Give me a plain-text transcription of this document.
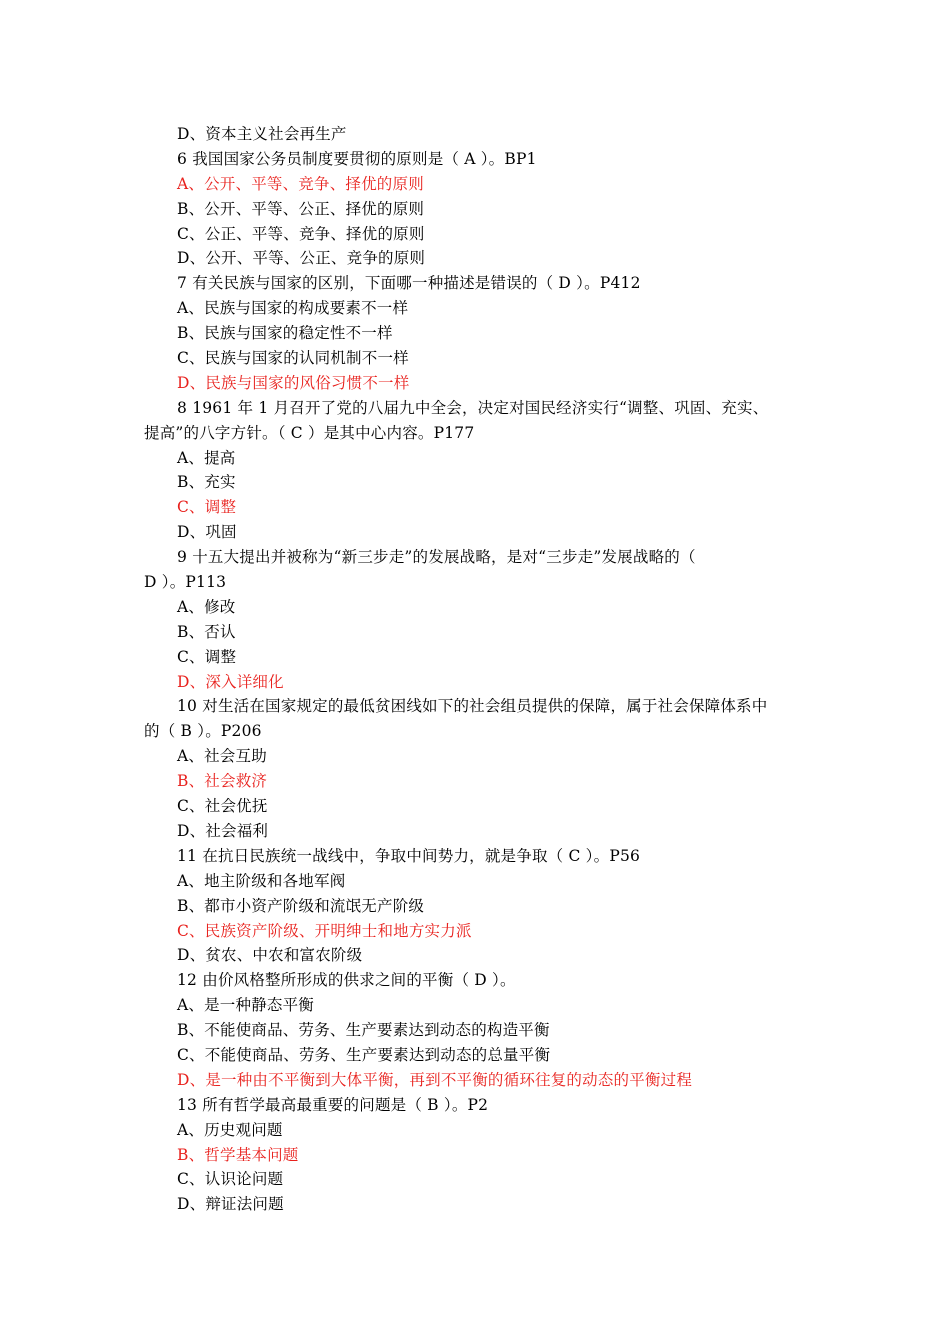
D、资本主义社会再生产
6 我国国家公务员制度要贯彻的原则是（ A ）。BP1
A、公开、平等、竞争、择优的原则
B、公开、平等、公正、择优的原则
C、公正、平等、竞争、择优的原则
D、公开、平等、公正、竞争的原则
7 有关民族与国家的区别，下面哪一种描述是错误的（ D ）。P412
A、民族与国家的构成要素不一样
B、民族与国家的稳定性不一样
C、民族与国家的认同机制不一样
D、民族与国家的风俗习惯不一样
8 1961 年 1 月召开了党的八届九中全会，决定对国民经济实行“调整、巩固、充实、
提高”的八字方针。（ C ）是其中心内容。P177
A、提高
B、充实
C、调整
D、巩固
9 十五大提出并被称为“新三步走”的发展战略，是对“三步走”发展战略的（
D ）。P113
A、修改
B、否认
C、调整
D、深入详细化
10 对生活在国家规定的最低贫困线如下的社会组员提供的保障，属于社会保障体系中
的（ B ）。P206
A、社会互助
B、社会救济
C、社会优抚
D、社会福利
11 在抗日民族统一战线中，争取中间势力，就是争取（ C ）。P56
A、地主阶级和各地军阀
B、都市小资产阶级和流氓无产阶级
C、民族资产阶级、开明绅士和地方实力派
D、贫农、中农和富农阶级
12 由价风格整所形成的供求之间的平衡（ D ）。
A、是一种静态平衡
B、不能使商品、劳务、生产要素达到动态的构造平衡
C、不能使商品、劳务、生产要素达到动态的总量平衡
D、是一种由不平衡到大体平衡，再到不平衡的循环往复的动态的平衡过程
13 所有哲学最高最重要的问题是（ B ）。P2
A、历史观问题
B、哲学基本问题
C、认识论问题
D、辩证法问题
